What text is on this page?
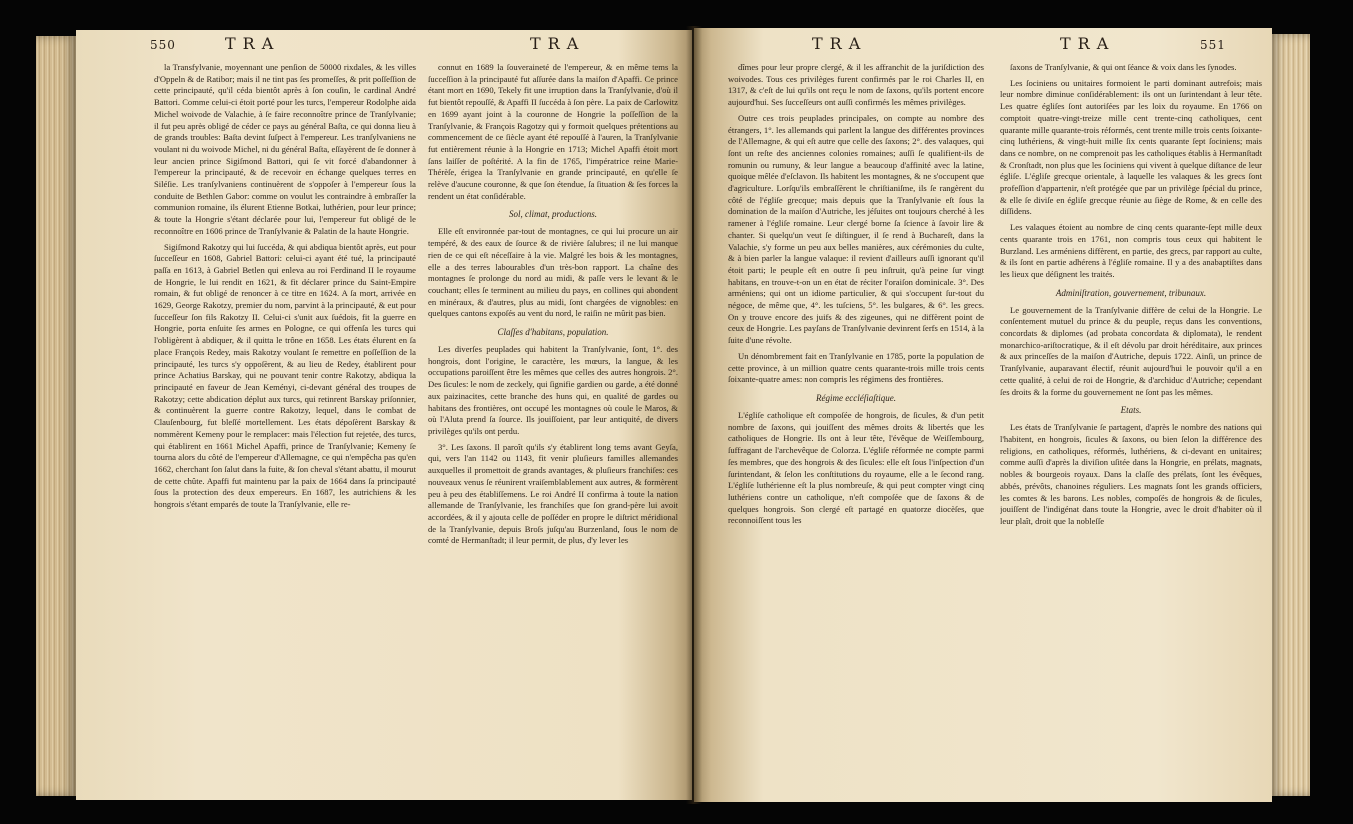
550	TRA	TRA	TRA	TRA	551

la Transfylvanie, moyennant une penſion de 50000 rixdales, & les villes d'Oppeln & de Ratibor; mais il ne tint pas ſes promeſſes, & prit poſſeſſion de cette principauté, qu'il céda bientôt après à ſon couſin, le cardinal André Battori. Comme celui-ci étoit porté pour les turcs, l'empereur Rodolphe aida Michel woivode de Valachie, à ſe faire reconnoître prince de Tranſylvanie; il fut peu après obligé de céder ce pays au général Baſta, ce qui donna lieu à de grands troubles: Baſta devint ſuſpect à l'empereur. Les tranſylvaniens ne voulant ni du woivode Michel, ni du général Baſta, eſſayèrent de ſe donner à leur ancien prince Sigiſmond Battori, qui ſe vit forcé d'abandonner à l'empereur la principauté, & de recevoir en échange quelques terres en Siléſie. Les tranſylvaniens continuèrent de s'oppoſer à l'empereur ſous la conduite de Bethlen Gabor: comme on voulut les contraindre à embraſſer la communion romaine, ils élurent Etienne Botkai, luthérien, pour leur prince; & toute la Hongrie s'étant déclarée pour lui, l'empereur fut obligé de le reconnoître en 1606 prince de Tranſylvanie & Palatin de la haute Hongrie.

Sigiſmond Rakotzy qui lui ſuccéda, & qui abdiqua bientôt après, eut pour ſucceſſeur en 1608, Gabriel Battori: celui-ci ayant été tué, la principauté paſſa en 1613, à Gabriel Betlen qui enleva au roi Ferdinand II le royaume de Hongrie, le lui rendit en 1621, & fit déclarer prince du Saint-Empire romain, & fut obligé de renoncer à ce titre en 1624. A ſa mort, arrivée en 1629, George Rakotzy, premier du nom, parvint à la principauté, & eut pour ſucceſſeur ſon fils Rakotzy II. Celui-ci s'unit aux ſuédois, fit la guerre en Hongrie, porta enſuite ſes armes en Pologne, ce qui offenſa les turcs qui l'obligèrent à abdiquer, & il quitta le trône en 1658. Les états élurent en ſa place François Redey, mais Rakotzy voulant ſe remettre en poſſeſſion de la principauté, les turcs s'y oppoſèrent, & au lieu de Redey, établirent pour prince Achatius Barskay, qui ne pouvant tenir contre Rakotzy, abdiqua la principauté en faveur de Jean Keményi, ci-devant général des troupes de Rakotzy; cette abdication déplut aux turcs, qui retinrent Barskay priſonnier, & continuèrent la guerre contre Rakotzy, lequel, dans le combat de Clauſenbourg, fut bleſſé mortellement. Les états dépoſèrent Barskay & nommèrent Kemeny pour le remplacer: mais l'élection fut rejetée, des turcs, qui établirent en 1661 Michel Apaffi, prince de Tranſylvanie; Kemeny ſe tourna alors du côté de l'empereur d'Allemagne, ce qui n'empêcha pas qu'en 1662, cherchant ſon ſalut dans la fuite, & ſon cheval s'étant abattu, il mourut de cette chûte. Apaffi fut maintenu par la paix de 1664 dans ſa principauté ſous la protection des deux empereurs. En 1687, les autrichiens & les hongrois s'étant emparés de toute la Tranſylvanie, elle re-

connut en 1689 la ſouveraineté de l'empereur, & en même tems la ſucceſſion à la principauté fut aſſurée dans la maiſon d'Apaffi. Ce prince étant mort en 1690, Tekely fit une irruption dans la Tranſylvanie, d'où il fut bientôt repouſſé, & Apaffi II ſuccéda à ſon père. La paix de Carlowitz en 1699 ayant joint à la couronne de Hongrie la poſſeſſion de la Tranſylvanie, & François Ragotzy qui y formoit quelques prétentions au commencement de ce ſiècle ayant été repouſſé à l'auren, la Tranſylvanie fut entièrement réunie à la Hongrie en 1713; Michel Apaffi étoit mort ſans laiſſer de poſtérité. A la fin de 1765, l'impératrice reine Marie-Thérèſe, érigea la Tranſylvanie en grande principauté, en qu'elle ſe relève d'aucune couronne, & que ſon étendue, ſa ſituation & ſes forces la rendent un état conſidérable.

Sol, climat, productions.

Elle eſt environnée par-tout de montagnes, ce qui lui procure un air tempéré, & des eaux de ſource & de rivière ſalubres; il ne lui manque rien de ce qui eſt néceſſaire à la vie. Malgré les bois & les montagnes, elle a des terres labourables d'un très-bon rapport. La chaîne des montagnes ſe prolonge du nord au midi, & paſſe vers le levant & le couchant; elles ſe terminent au milieu du pays, en collines qui abondent en minéraux, & d'autres, plus au midi, ſont chargées de vignobles: en quelques cantons expoſés au vent du nord, le raiſin ne mûrit pas bien.

Claſſes d'habitans, population.

Les diverſes peuplades qui habitent la Tranſylvanie, ſont, 1°. des hongrois, dont l'origine, le caractère, les mœurs, la langue, & les occupations paroiſſent être les mêmes que celles des autres hongrois. 2°. Des ſicules: le nom de zeckely, qui ſignifie gardien ou garde, a été donné aux paizinacites, cette branche des huns qui, en qualité de gardes ou habitans des frontières, ont occupé les montagnes où coule le Maros, & où l'Aluta prend ſa ſource. Ils jouiſſoient, par leur antiquité, de divers privilèges qu'ils ont perdu.

3°. Les ſaxons. Il paroît qu'ils s'y établirent long tems avant Geyſa, qui, vers l'an 1142 ou 1143, fit venir pluſieurs familles allemandes auxquelles il promettoit de grands avantages, & pluſieurs franchiſes: ces nouveaux venus ſe réunirent vraiſemblablement aux autres, & formèrent peu à peu des établiſſemens. Le roi André II confirma à toute la nation allemande de Tranſylvanie, les franchiſes que ſon grand-père lui avoit accordées, & il y ajouta celle de poſſéder en propre le diſtrict méridional de la Tranſylvanie, depuis Broſs juſqu'au Burzenland, ſous le nom de comté de Hermanſtadt; il leur permit, de plus, d'y lever les

dîmes pour leur propre clergé, & il les affranchit de la juriſdiction des woivodes. Tous ces privilèges furent confirmés par le roi Charles II, en 1317, & c'eſt de lui qu'ils ont reçu le nom de ſaxons, qu'ils portent encore aujourd'hui. Ses ſucceſſeurs ont auſſi confirmés les mêmes privilèges.

Outre ces trois peuplades principales, on compte au nombre des étrangers, 1°. les allemands qui parlent la langue des différentes provinces de l'Allemagne, & qui eſt autre que celle des ſaxons; 2°. des valaques, qui ſont un reſte des anciennes colonies romaines; auſſi ſe qualifient-ils de romunin ou rumuny, & leur langue a beaucoup d'affinité avec la latine, quoique mêlée d'eſclavon. Ils habitent les montagnes, & ne s'occupent que d'agriculture. Lorſqu'ils embraſſèrent le chriſtianiſme, ils ſe rangèrent du côté de l'égliſe grecque; mais depuis que la Tranſylvanie eſt ſous la domination de la maiſon d'Autriche, les jéſuites ont toujours cherché à les ramener à l'égliſe romaine. Leur clergé borne ſa ſcience à ſavoir lire & chanter. Si quelqu'un veut ſe diſtinguer, il ſe rend à Buchareſt, dans la Valachie, s'y forme un peu aux belles manières, aux cérémonies du culte, & à bien parler la langue valaque: il revient d'ailleurs auſſi ignorant qu'il étoit parti; le peuple eſt en outre ſi peu inſtruit, qu'à peine ſur vingt habitans, en trouve-t-on un en état de réciter l'oraiſon dominicale. 3°. Des arméniens; qui ont un idiome particulier, & qui s'occupent ſur-tout du négoce, de même que, 4°. les tuſciens, 5°. les bulgares, & 6°. les grecs. On y trouve encore des juifs & des zigeunes, qui ne diffèrent point de ceux de Hongrie. Les payſans de Tranſylvanie devinrent ſerfs en 1514, à la ſuite d'une révolte.

Un dénombrement fait en Tranſylvanie en 1785, porte la population de cette province, à un million quatre cents quarante-trois mille trois cents ſoixante-quatre ames: non compris les régimens des frontières.

Régime eccléſiaſtique.

L'égliſe catholique eſt compoſée de hongrois, de ſicules, & d'un petit nombre de ſaxons, qui jouiſſent des mêmes droits & libertés que les catholiques de Hongrie. Ils ont à leur tête, l'évêque de Weiſſembourg, ſuffragant de l'archevêque de Colorza. L'égliſe réformée ne compte parmi ſes membres, que des hongrois & des ſicules: elle eſt ſous l'inſpection d'un ſurintendant, & ſelon les conſtitutions du royaume, elle a le ſecond rang. L'égliſe luthérienne eſt la plus nombreuſe, & qui peut compter vingt cinq luthériens contre un catholique, n'eſt compoſée que de ſaxons & de quelques hongrois. Son clergé eſt partagé en quatorze diocèſes, que reconnoiſſent tous les

ſaxons de Tranſylvanie, & qui ont ſéance & voix dans les ſynodes.

Les ſociniens ou unitaires formoient le parti dominant autrefois; mais leur nombre diminue conſidérablement: ils ont un ſurintendant à leur tête. Les quatre égliſes ſont autoriſées par les loix du royaume. En 1766 on comptoit quatre-vingt-treize mille cent trente-cinq catholiques, cent quarante mille quarante-trois réformés, cent trente mille trois cents ſoixante-cinq luthériens, & vingt-huit mille ſix cents quarante ſept ſociniens; mais dans ce nombre, on ne comprenoit pas les catholiques établis à Hermanſtadt & Cronſtadt, non plus que les ſociniens qui vivent à quelque diſtance de leur égliſe. L'égliſe grecque orientale, à laquelle les valaques & les grecs ſont profeſſion d'appartenir, n'eſt protégée que par un privilège ſpécial du prince, & elle ſe diviſe en égliſe grecque réunie au ſiège de Rome, & en celle des diſſidens.

Les valaques étoient au nombre de cinq cents quarante-ſept mille deux cents quarante trois en 1761, non compris tous ceux qui habitent le Burzland. Les arméniens diffèrent, en partie, des grecs, par rapport au culte, & ils ſont en partie adhérens à l'égliſe romaine. Il y a des anabaptiſtes dans les lieux que déſignent les traités.

Adminiſtration, gouvernement, tribunaux.

Le gouvernement de la Tranſylvanie diffère de celui de la Hongrie. Le conſentement mutuel du prince & du peuple, reçus dans les conventions, concordats & diplomes (ad probata concordata & diplomata), le rendent monarchico-ariſtocratique, & il eſt dévolu par droit héréditaire, aux princes & aux princeſſes de la maiſon d'Autriche, depuis 1722. Ainſi, un prince de Tranſylvanie, auparavant électif, réunit aujourd'hui le pouvoir qu'il a en cette qualité, à celui de roi de Hongrie, & d'archiduc d'Autriche; cependant ſes droits & la forme du gouvernement ne ſont pas les mêmes.

Etats.

Les états de Tranſylvanie ſe partagent, d'après le nombre des nations qui l'habitent, en hongrois, ſicules & ſaxons, ou bien ſelon la différence des religions, en catholiques, réformés, luthériens, & ci-devant en unitaires; comme auſſi d'après la diviſion uſitée dans la Hongrie, en prélats, magnats, nobles & bourgeois royaux. Dans la claſſe des prélats, ſont les évêques, abbés, prévôts, chanoines réguliers. Les magnats ſont les grands officiers, les comtes & les barons. Les nobles, compoſés de hongrois & de ſicules, jouiſſent de l'indigénat dans toute la Hongrie, avec le droit d'habiter où il leur plaît, droit que la nobleſſe
